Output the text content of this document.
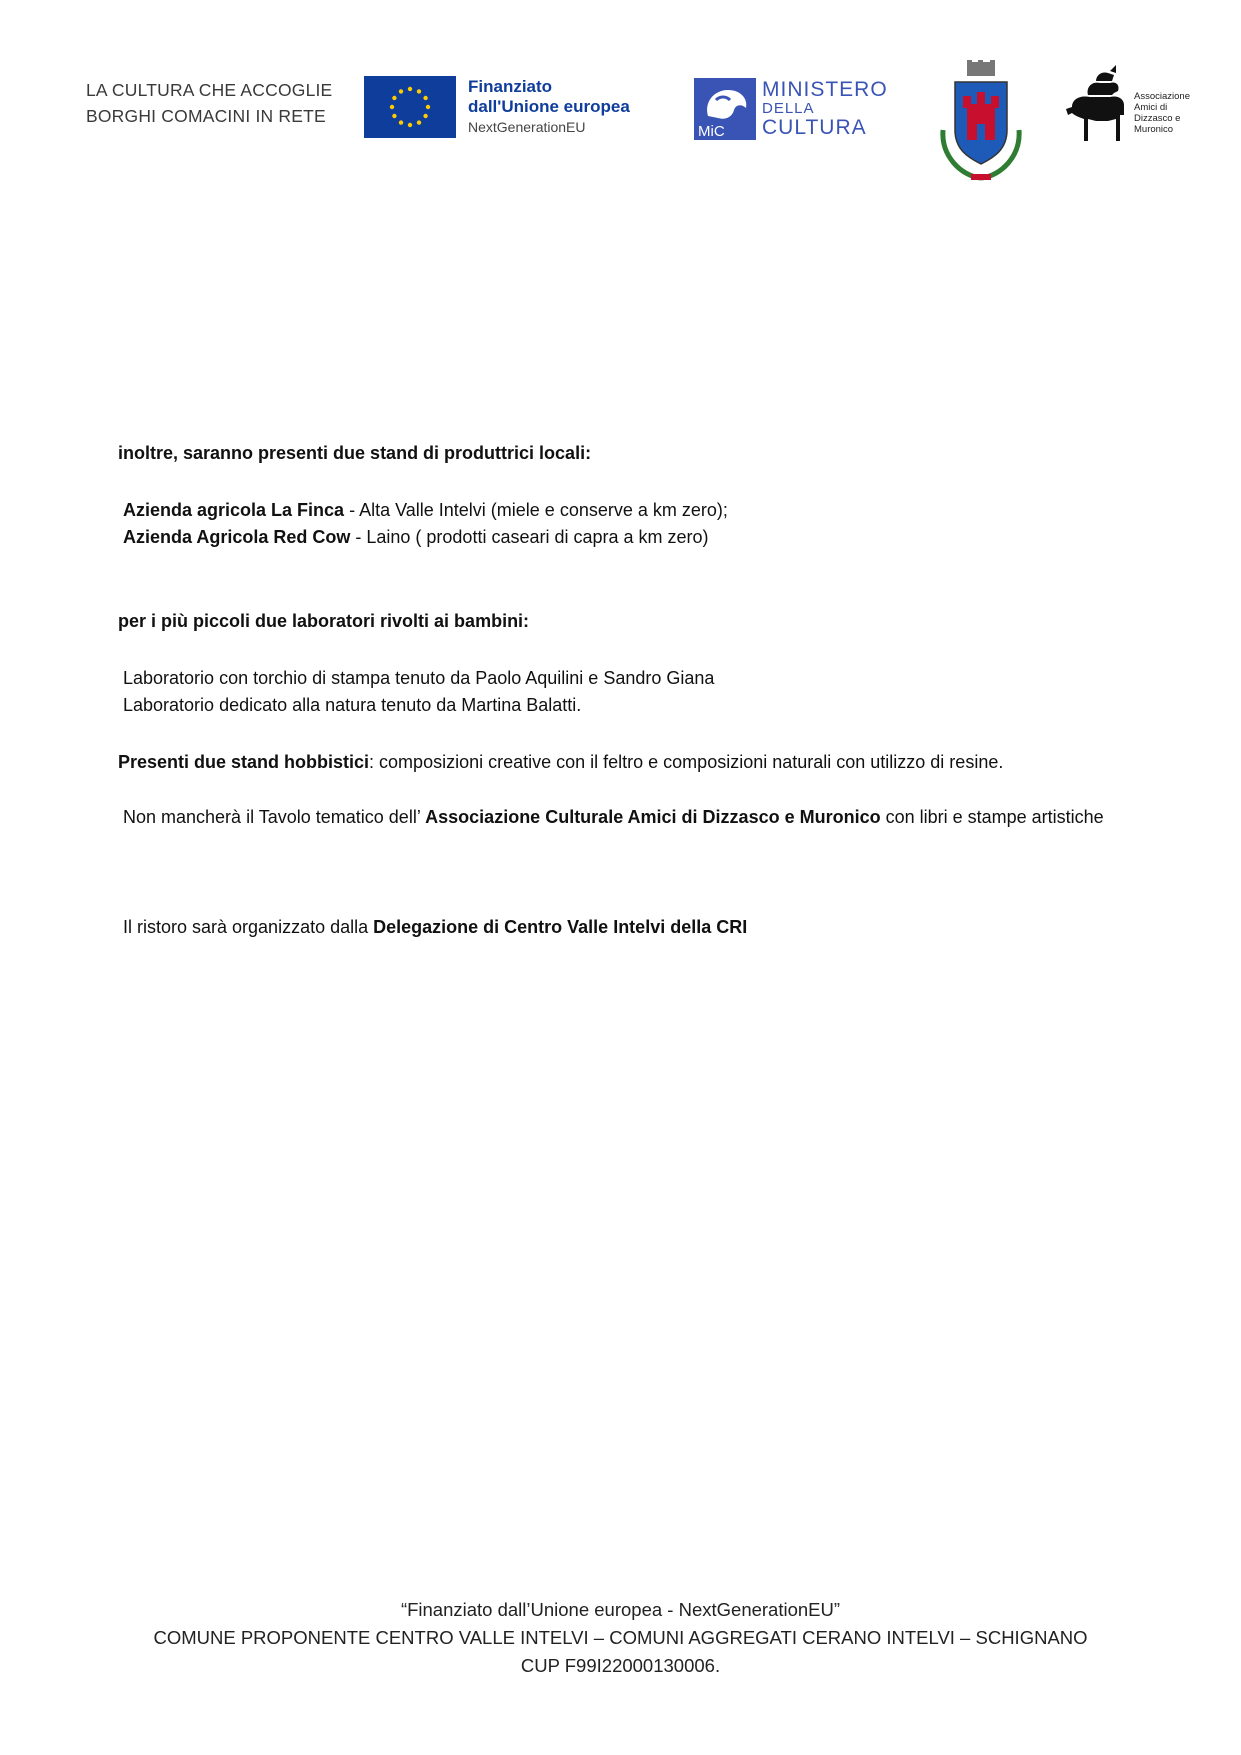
LA CULTURA CHE ACCOGLIE
BORGHI COMACINI IN RETE
Finanziato
dall'Unione europea
NextGenerationEU	MiC
MINISTERO
DELLA
CULTURA
Associazione
Amici di
Dizzasco e
Muronico
inoltre, saranno presenti due stand di produttrici locali:
Azienda agricola La Finca - Alta Valle Intelvi (miele e conserve a km zero);
Azienda Agricola Red Cow - Laino ( prodotti caseari di capra a km zero)
per i più piccoli due laboratori rivolti ai bambini:
Laboratorio con torchio di stampa tenuto da Paolo Aquilini e Sandro Giana
Laboratorio dedicato alla natura tenuto da Martina Balatti.
Presenti due stand hobbistici: composizioni creative con il feltro e composizioni naturali con utilizzo di resine.
Non mancherà il Tavolo tematico dell’ Associazione Culturale Amici di Dizzasco e Muronico con libri e stampe artistiche
Il ristoro sarà organizzato dalla Delegazione di Centro Valle Intelvi della CRI
“Finanziato dall’Unione europea - NextGenerationEU”
COMUNE PROPONENTE CENTRO VALLE INTELVI – COMUNI AGGREGATI CERANO INTELVI – SCHIGNANO
CUP F99I22000130006.
